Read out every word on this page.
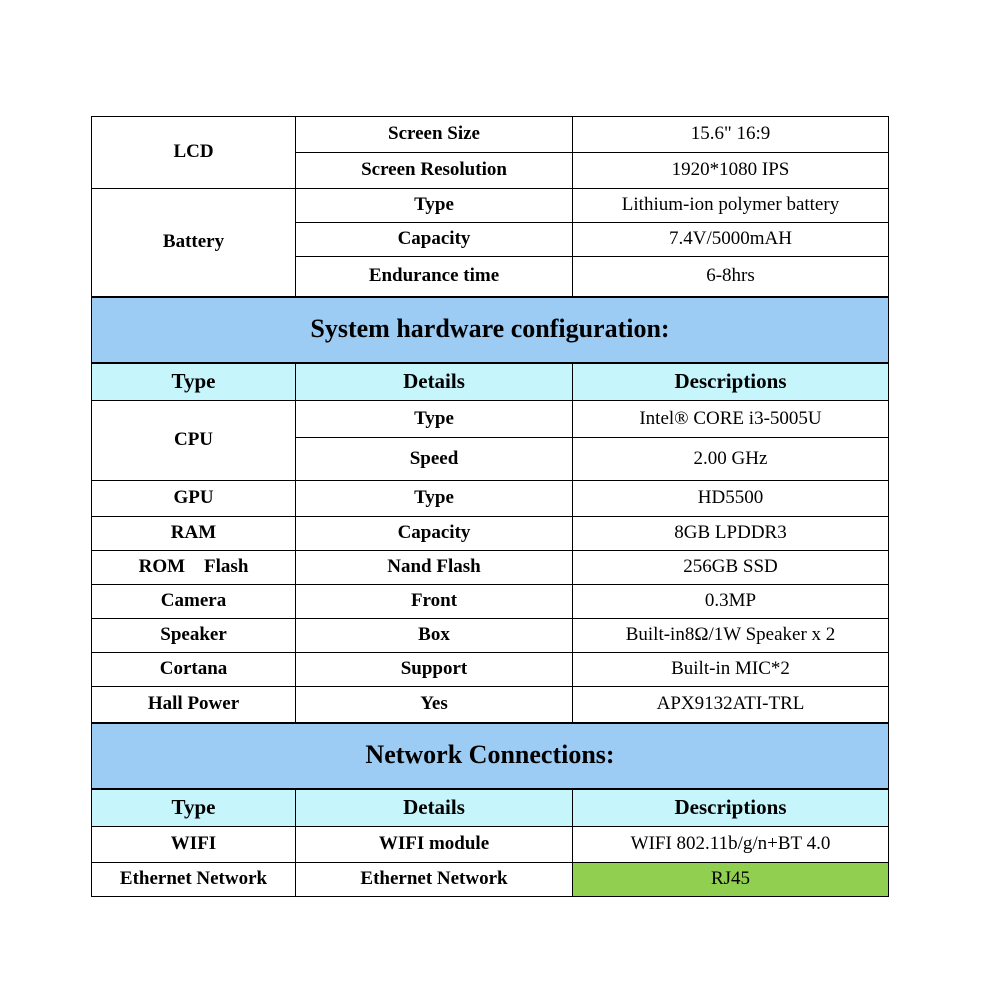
LCD	Screen Size	15.6" 16:9
	Screen Resolution	1920*1080 IPS
Battery	Type	Lithium-ion polymer battery
	Capacity	7.4V/5000mAH
	Endurance time	6-8hrs
System hardware configuration:		
Type	Details	Descriptions
CPU	Type	Intel® CORE i3-5005U
	Speed	2.00 GHz
GPU	Type	HD5500
RAM	Capacity	8GB LPDDR3
ROM    Flash	Nand Flash	256GB SSD
Camera	Front	0.3MP
Speaker	Box	Built-in8Ω/1W Speaker x 2
Cortana	Support	Built-in MIC*2
Hall Power	Yes	APX9132ATI-TRL
Network Connections:		
Type	Details	Descriptions
WIFI	WIFI module	WIFI 802.11b/g/n+BT 4.0
Ethernet Network	Ethernet Network	RJ45
